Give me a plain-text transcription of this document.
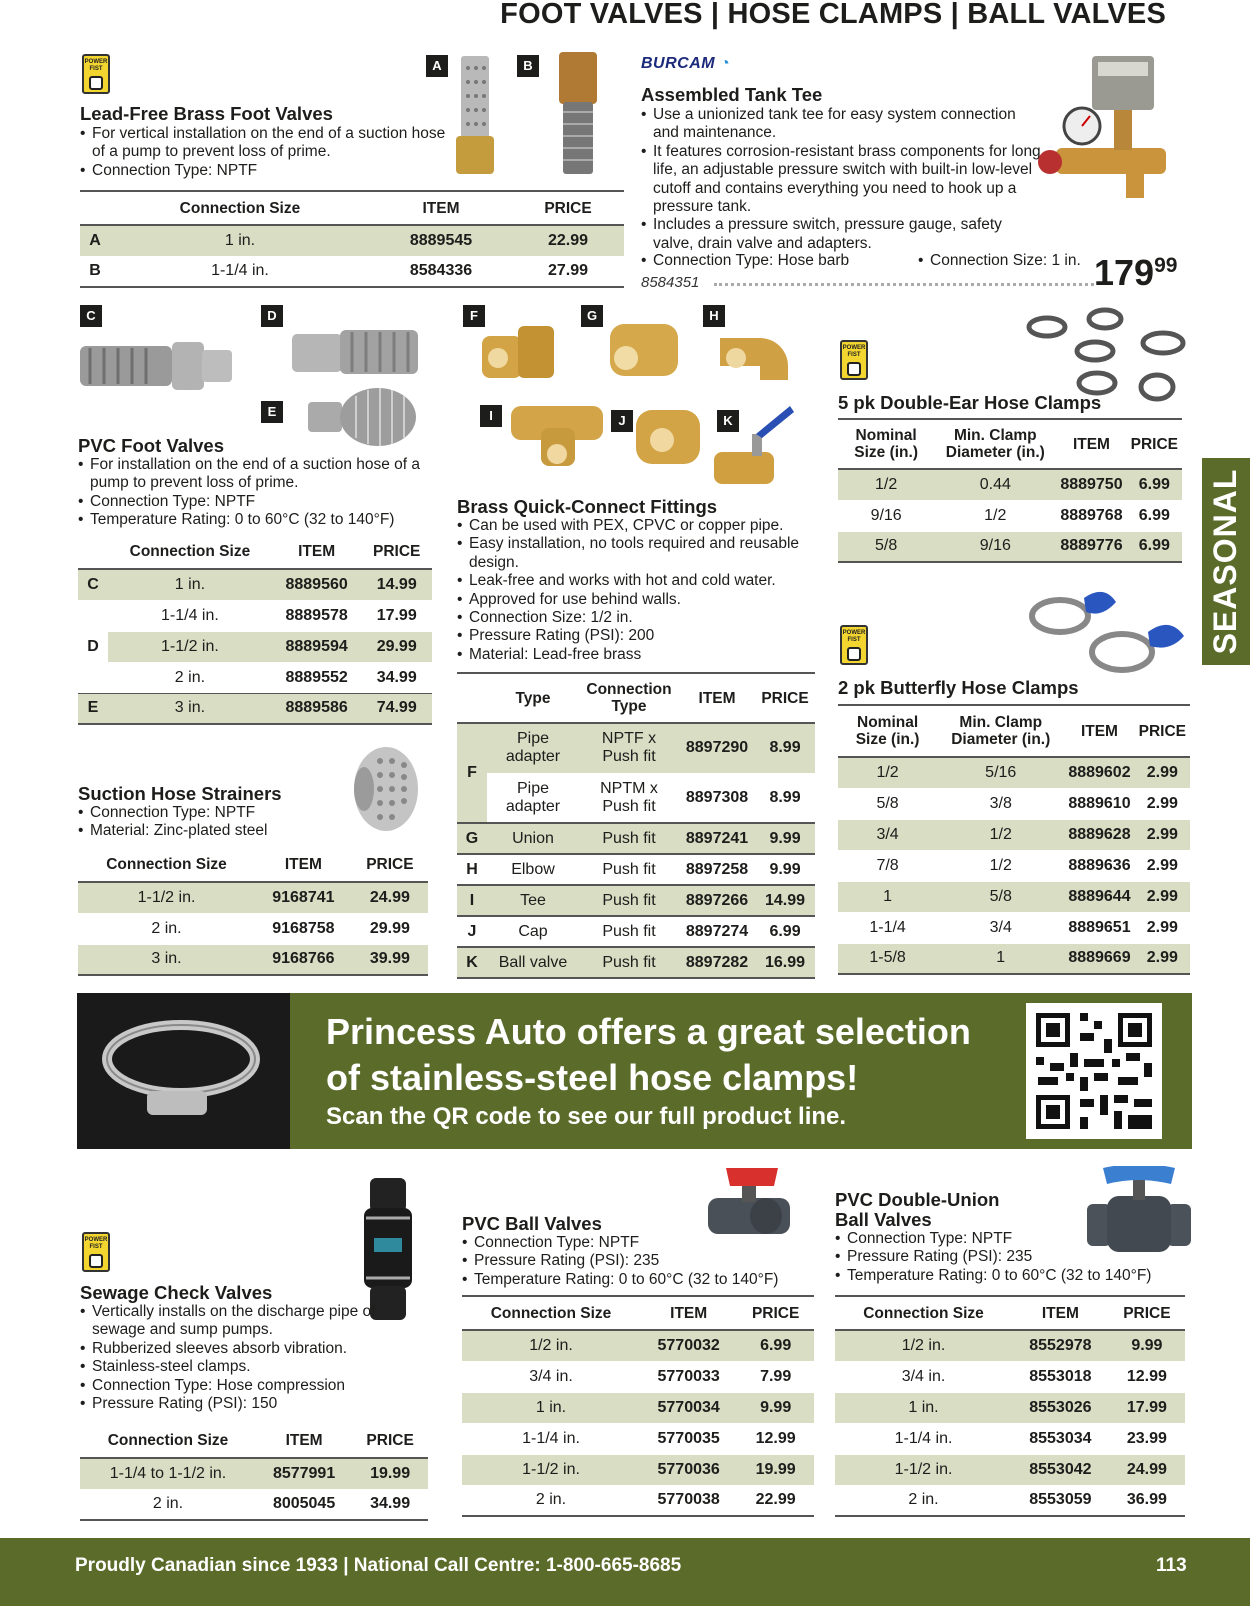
FOOT VALVES | HOSE CLAMPS | BALL VALVES
POWER
FIST	A	B
Lead-Free Brass Foot Valves
• For vertical installation on the end of a suction hose of a pump to prevent loss of prime.
• Connection Type: NPTF
	Connection Size	ITEM	PRICE
A	1 in.	8889545	22.99
B	1-1/4 in.	8584336	27.99
BURCAM ◔
Assembled Tank Tee
• Use a unionized tank tee for easy system connection and maintenance.
• It features corrosion-resistant brass components for long life, an adjustable pressure switch with built-in low-level cutoff and contains everything you need to hook up a pressure tank.
• Includes a pressure switch, pressure gauge, safety valve, drain valve and adapters.
• Connection Type: Hose barb	• Connection Size: 1 in.
8584351	$179^{99}$
C	D
E
PVC Foot Valves
• For installation on the end of a suction hose of a pump to prevent loss of prime.
• Connection Type: NPTF
• Temperature Rating: 0 to 60°C (32 to 140°F)
	Connection Size	ITEM	PRICE
C	1 in.	8889560	14.99
	1-1/4 in.	8889578	17.99
D	1-1/2 in.	8889594	29.99
	2 in.	8889552	34.99
E	3 in.	8889586	74.99
Suction Hose Strainers
• Connection Type: NPTF
• Material: Zinc-plated steel
Connection Size	ITEM	PRICE
1-1/2 in.	9168741	24.99
2 in.	9168758	29.99
3 in.	9168766	39.99
F	G	H
I	J	K
Brass Quick-Connect Fittings
• Can be used with PEX, CPVC or copper pipe.
• Easy installation, no tools required and reusable design.
• Leak-free and works with hot and cold water.
• Approved for use behind walls.
• Connection Size: 1/2 in.
• Pressure Rating (PSI): 200
• Material: Lead-free brass
	Type	Connection Type	ITEM	PRICE
F	Pipe adapter	NPTF x Push fit	8897290	8.99
	Pipe adapter	NPTM x Push fit	8897308	8.99
G	Union	Push fit	8897241	9.99
H	Elbow	Push fit	8897258	9.99
I	Tee	Push fit	8897266	14.99
J	Cap	Push fit	8897274	6.99
K	Ball valve	Push fit	8897282	16.99
POWER
FIST
5 pk Double-Ear Hose Clamps
Nominal Size (in.)	Min. Clamp Diameter (in.)	ITEM	PRICE
1/2	0.44	8889750	6.99
9/16	1/2	8889768	6.99
5/8	9/16	8889776	6.99
POWER
FIST
2 pk Butterfly Hose Clamps
Nominal Size (in.)	Min. Clamp Diameter (in.)	ITEM	PRICE
1/2	5/16	8889602	2.99
5/8	3/8	8889610	2.99
3/4	1/2	8889628	2.99
7/8	1/2	8889636	2.99
1	5/8	8889644	2.99
1-1/4	3/4	8889651	2.99
1-5/8	1	8889669	2.99
SEASONAL
Princess Auto offers a great selection
of stainless-steel hose clamps!
Scan the QR code to see our full product line.
POWER
FIST
Sewage Check Valves
• Vertically installs on the discharge pipe of sewage and sump pumps.
• Rubberized sleeves absorb vibration.
• Stainless-steel clamps.
• Connection Type: Hose compression
• Pressure Rating (PSI): 150
Connection Size	ITEM	PRICE
1-1/4 to 1-1/2 in.	8577991	19.99
2 in.	8005045	34.99
PVC Ball Valves
• Connection Type: NPTF
• Pressure Rating (PSI): 235
• Temperature Rating: 0 to 60°C (32 to 140°F)
Connection Size	ITEM	PRICE
1/2 in.	5770032	6.99
3/4 in.	5770033	7.99
1 in.	5770034	9.99
1-1/4 in.	5770035	12.99
1-1/2 in.	5770036	19.99
2 in.	5770038	22.99
PVC Double-Union
Ball Valves
• Connection Type: NPTF
• Pressure Rating (PSI): 235
• Temperature Rating: 0 to 60°C (32 to 140°F)
Connection Size	ITEM	PRICE
1/2 in.	8552978	9.99
3/4 in.	8553018	12.99
1 in.	8553026	17.99
1-1/4 in.	8553034	23.99
1-1/2 in.	8553042	24.99
2 in.	8553059	36.99
Proudly Canadian since 1933 | National Call Centre: 1-800-665-8685	113
